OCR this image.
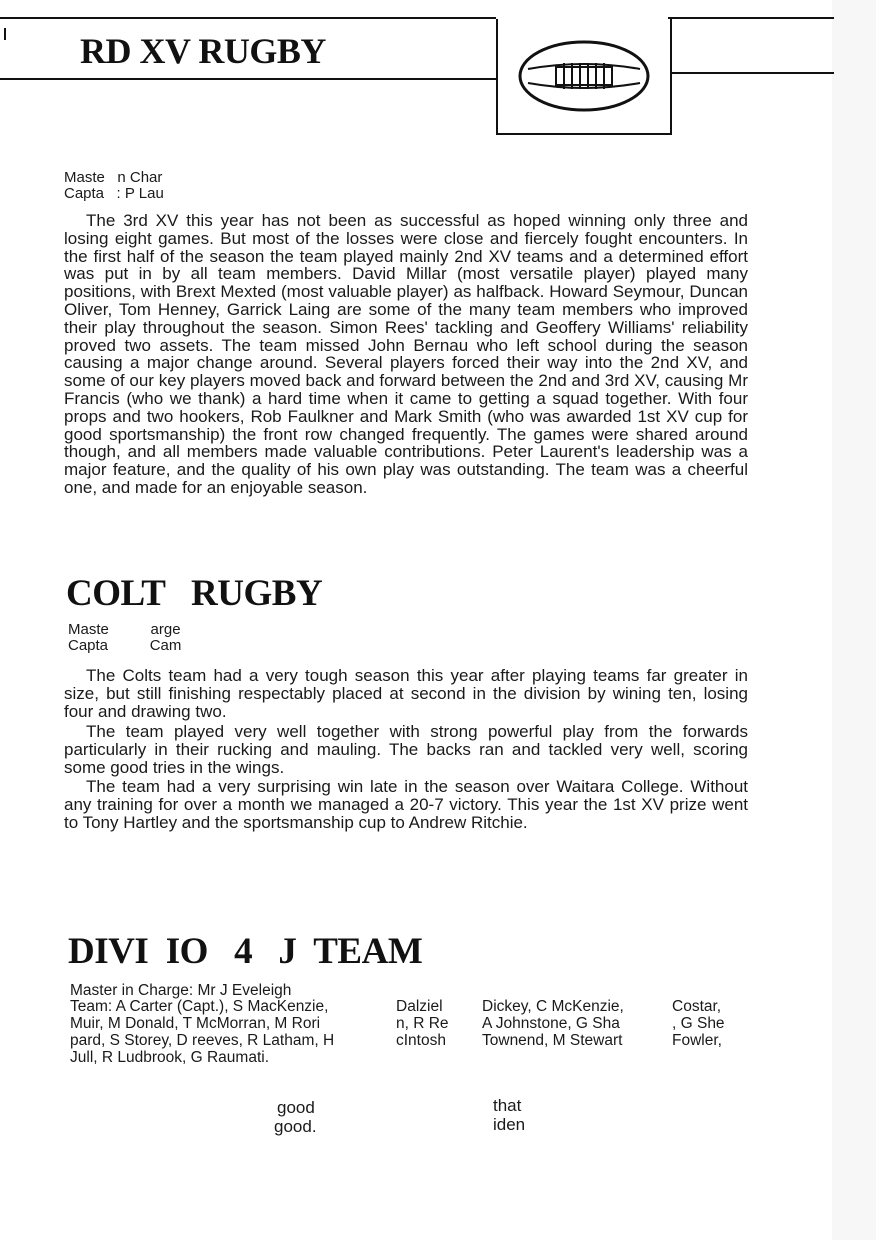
RD XV RUGBY
Maste   n Char
Capta   : P Lau

The 3rd XV this year has not been as successful as hoped winning only three and losing eight games. But most of the losses were close and fiercely fought encounters. In the first half of the season the team played mainly 2nd XV teams and a determined effort was put in by all team members. David Millar (most versatile player) played many positions, with Brext Mexted (most valuable player) as halfback. Howard Seymour, Duncan Oliver, Tom Henney, Garrick Laing are some of the many team members who improved their play throughout the season. Simon Rees' tackling and Geoffery Williams' reliability proved two assets. The team missed John Bernau who left school during the season causing a major change around. Several players forced their way into the 2nd XV, and some of our key players moved back and forward between the 2nd and 3rd XV, causing Mr Francis (who we thank) a hard time when it came to getting a squad together. With four props and two hookers, Rob Faulkner and Mark Smith (who was awarded 1st XV cup for good sportsmanship) the front row changed frequently. The games were shared around though, and all members made valuable contributions. Peter Laurent's leadership was a major feature, and the quality of his own play was outstanding. The team was a cheerful one, and made for an enjoyable season.

COLT   RUGBY
Maste          arge
Capta          Cam

The Colts team had a very tough season this year after playing teams far greater in size, but still finishing respectably placed at second in the division by wining ten, losing four and drawing two.

The team played very well together with strong powerful play from the forwards particularly in their rucking and mauling. The backs ran and tackled very well, scoring some good tries in the wings.

The team had a very surprising win late in the season over Waitara College. Without any training for over a month we managed a 20-7 victory. This year the 1st XV prize went to Tony Hartley and the sportsmanship cup to Andrew Ritchie.

DIVI  IO   4   J  TEAM
Master in Charge: Mr J Eveleigh
Team: A Carter (Capt.), S MacKenzie,
Muir, M Donald, T McMorran, M Rori
pard, S Storey, D reeves, R Latham, H
Jull, R Ludbrook, G Raumati.
Dalziel
n, R Re
cIntosh
Dickey, C McKenzie,
A Johnstone, G Sha
Townend, M Stewart
Costar,
, G She
Fowler,
good
good.
that
iden
